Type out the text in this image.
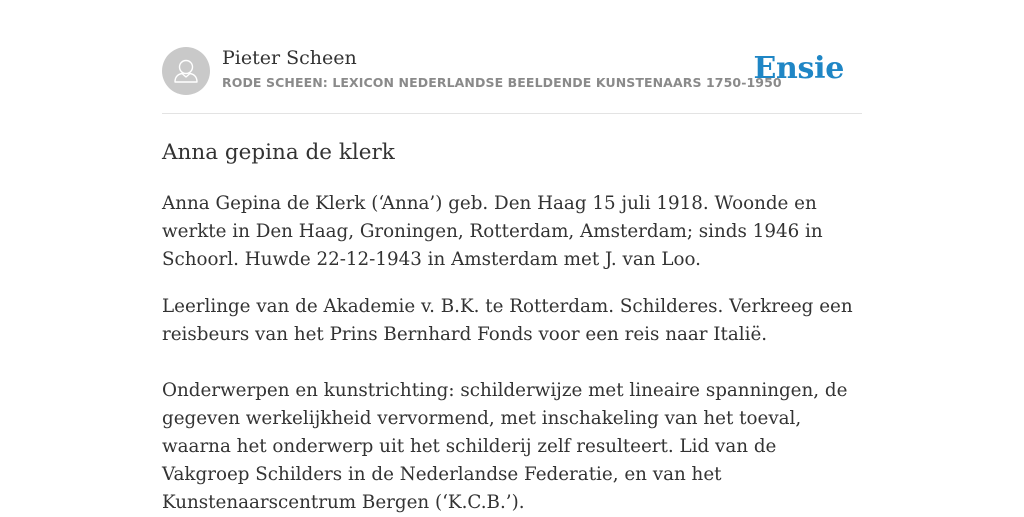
Pieter Scheen
RODE SCHEEN: LEXICON NEDERLANDSE BEELDENDE KUNSTENAARS 1750-1950
Ensie
Anna gepina de klerk

Anna Gepina de Klerk (‘Anna’) geb. Den Haag 15 juli 1918. Woonde en werkte in Den Haag, Groningen, Rotterdam, Amsterdam; sinds 1946 in Schoorl. Huwde 22-12-1943 in Amsterdam met J. van Loo.

Leerlinge van de Akademie v. B.K. te Rotterdam. Schilderes. Verkreeg een reisbeurs van het Prins Bernhard Fonds voor een reis naar Italië.

Onderwerpen en kunstrichting: schilderwijze met lineaire spanningen, de gegeven werkelijkheid vervormend, met inschakeling van het toeval, waarna het onderwerp uit het schilderij zelf resulteert. Lid van de Vakgroep Schilders in de Nederlandse Federatie, en van het Kunstenaarscentrum Bergen (‘K.C.B.’).
